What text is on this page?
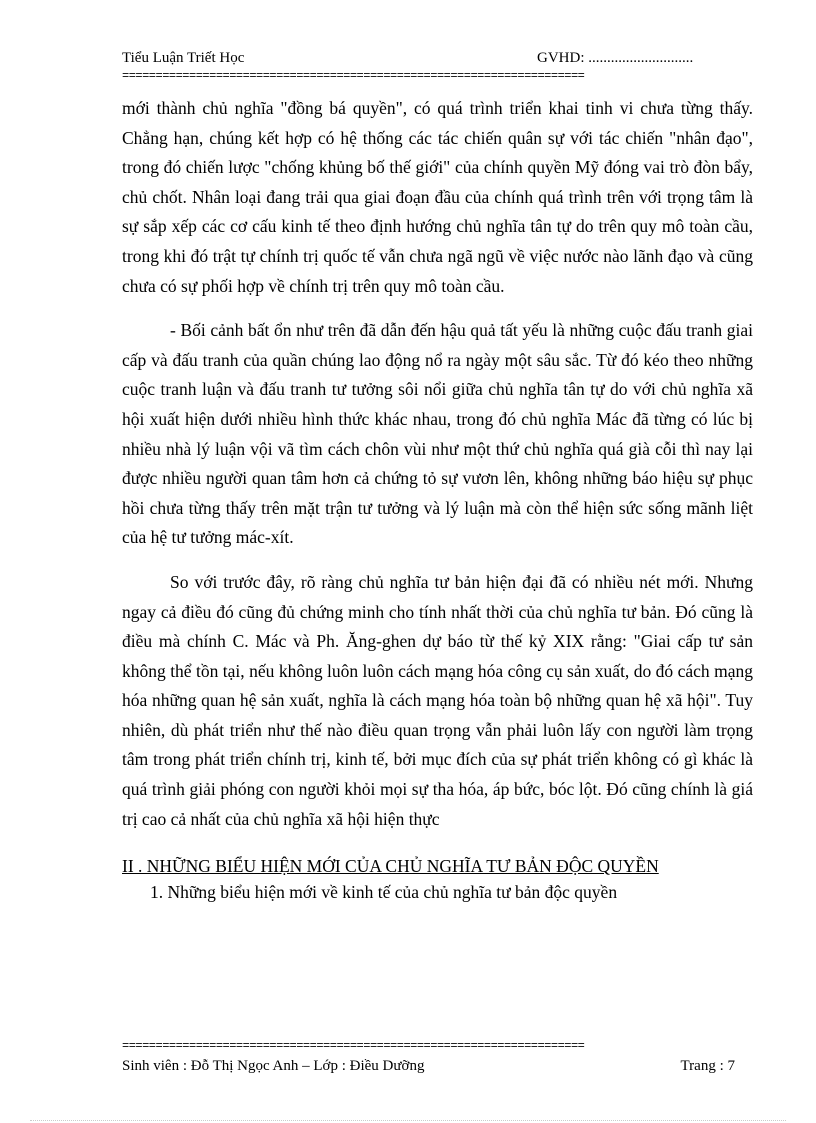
Tiểu Luận Triết Học	GVHD: ............................
=====================================================================

mới thành chủ nghĩa "đồng bá quyền", có quá trình triển khai tinh vi chưa từng thấy. Chẳng hạn, chúng kết hợp có hệ thống các tác chiến quân sự với tác chiến "nhân đạo", trong đó chiến lược "chống khủng bố thế giới" của chính quyền Mỹ đóng vai trò đòn bẩy, chủ chốt. Nhân loại đang trải qua giai đoạn đầu của chính quá trình trên với trọng tâm là sự sắp xếp các cơ cấu kinh tế theo định hướng chủ nghĩa tân tự do trên quy mô toàn cầu, trong khi đó trật tự chính trị quốc tế vẫn chưa ngã ngũ về việc nước nào lãnh đạo và cũng chưa có sự phối hợp về chính trị trên quy mô toàn cầu.

- Bối cảnh bất ổn như trên đã dẫn đến hậu quả tất yếu là những cuộc đấu tranh giai cấp và đấu tranh của quần chúng lao động nổ ra ngày một sâu sắc. Từ đó kéo theo những cuộc tranh luận và đấu tranh tư tưởng sôi nổi giữa chủ nghĩa tân tự do với chủ nghĩa xã hội xuất hiện dưới nhiều hình thức khác nhau, trong đó chủ nghĩa Mác đã từng có lúc bị nhiều nhà lý luận vội vã tìm cách chôn vùi như một thứ chủ nghĩa quá già cỗi thì nay lại được nhiều người quan tâm hơn cả chứng tỏ sự vươn lên, không những báo hiệu sự phục hồi chưa từng thấy trên mặt trận tư tưởng và lý luận mà còn thể hiện sức sống mãnh liệt của hệ tư tưởng mác-xít.

So với trước đây, rõ ràng chủ nghĩa tư bản hiện đại đã có nhiều nét mới. Nhưng ngay cả điều đó cũng đủ chứng minh cho tính nhất thời của chủ nghĩa tư bản. Đó cũng là điều mà chính C. Mác và Ph. Ăng-ghen dự báo từ thế kỷ XIX rằng: "Giai cấp tư sản không thể tồn tại, nếu không luôn luôn cách mạng hóa công cụ sản xuất, do đó cách mạng hóa những quan hệ sản xuất, nghĩa là cách mạng hóa toàn bộ những quan hệ xã hội". Tuy nhiên, dù phát triển như thế nào điều quan trọng vẫn phải luôn lấy con người làm trọng tâm trong phát triển chính trị, kinh tế, bởi mục đích của sự phát triển không có gì khác là quá trình giải phóng con người khỏi mọi sự tha hóa, áp bức, bóc lột. Đó cũng chính là giá trị cao cả nhất của chủ nghĩa xã hội hiện thực

II . NHỮNG BIỂU HIỆN MỚI CỦA CHỦ NGHĨA TƯ BẢN ĐỘC QUYỀN
1. Những biểu hiện mới về kinh tế của chủ nghĩa tư bản độc quyền
=====================================================================
Sinh viên : Đỗ Thị Ngọc Anh – Lớp : Điều Dưỡng	Trang : 7
